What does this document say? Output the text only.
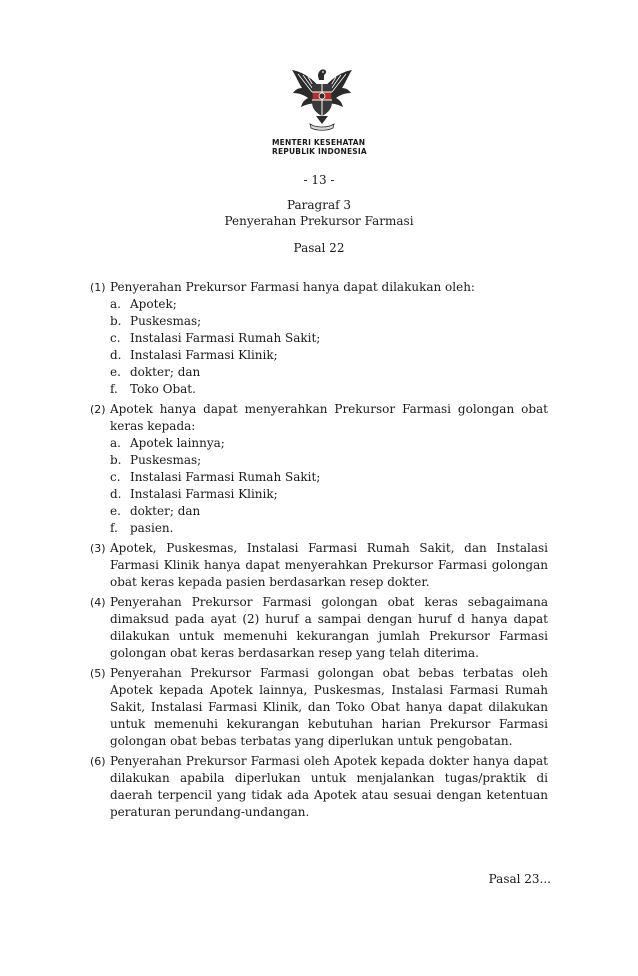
MENTERI KESEHATAN
REPUBLIK INDONESIA
- 13 -
Paragraf 3
Penyerahan Prekursor Farmasi
Pasal 22
(1) Penyerahan Prekursor Farmasi hanya dapat dilakukan oleh:
a. Apotek;
b. Puskesmas;
c. Instalasi Farmasi Rumah Sakit;
d. Instalasi Farmasi Klinik;
e. dokter; dan
f. Toko Obat.
(2) Apotek hanya dapat menyerahkan Prekursor Farmasi golongan obat keras kepada:
a. Apotek lainnya;
b. Puskesmas;
c. Instalasi Farmasi Rumah Sakit;
d. Instalasi Farmasi Klinik;
e. dokter; dan
f. pasien.
(3) Apotek, Puskesmas, Instalasi Farmasi Rumah Sakit, dan Instalasi Farmasi Klinik hanya dapat menyerahkan Prekursor Farmasi golongan obat keras kepada pasien berdasarkan resep dokter.
(4) Penyerahan Prekursor Farmasi golongan obat keras sebagaimana dimaksud pada ayat (2) huruf a sampai dengan huruf d hanya dapat dilakukan untuk memenuhi kekurangan jumlah Prekursor Farmasi golongan obat keras berdasarkan resep yang telah diterima.
(5) Penyerahan Prekursor Farmasi golongan obat bebas terbatas oleh Apotek kepada Apotek lainnya, Puskesmas, Instalasi Farmasi Rumah Sakit, Instalasi Farmasi Klinik, dan Toko Obat hanya dapat dilakukan untuk memenuhi kekurangan kebutuhan harian Prekursor Farmasi golongan obat bebas terbatas yang diperlukan untuk pengobatan.
(6) Penyerahan Prekursor Farmasi oleh Apotek kepada dokter hanya dapat dilakukan apabila diperlukan untuk menjalankan tugas/praktik di daerah terpencil yang tidak ada Apotek atau sesuai dengan ketentuan peraturan perundang-undangan.
Pasal 23...
